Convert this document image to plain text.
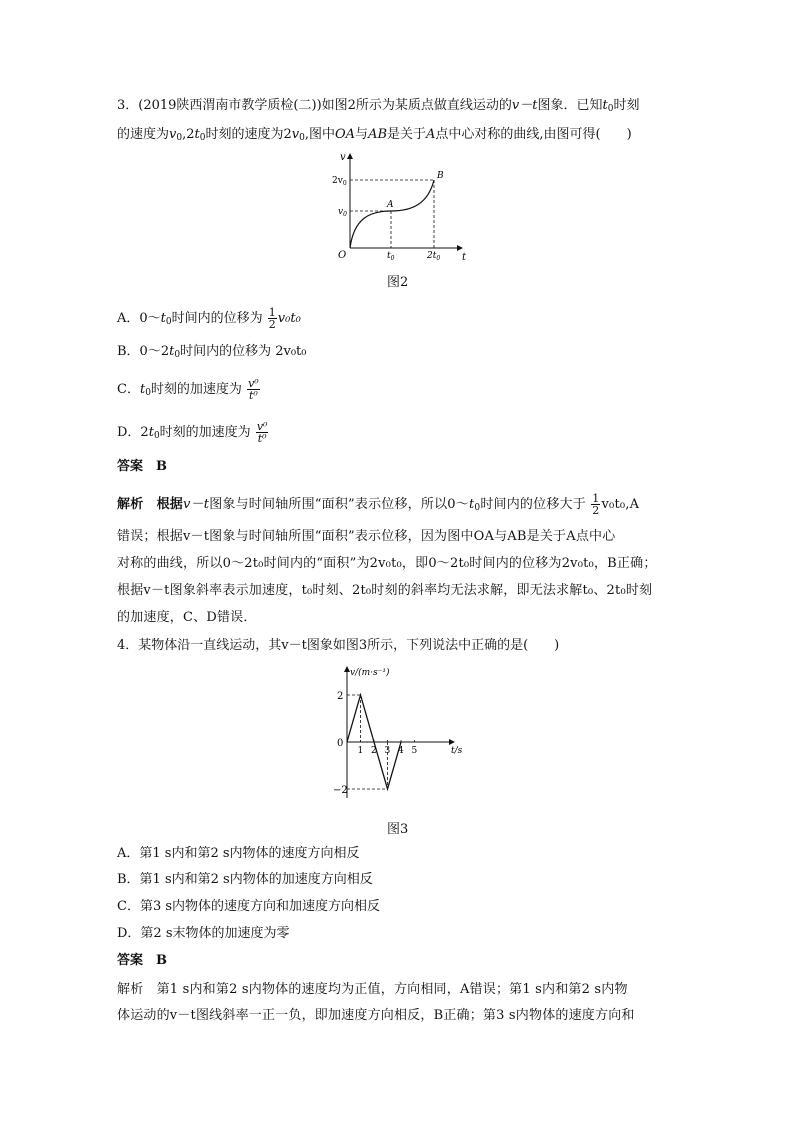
3．(2019陕西渭南市教学质检(二))如图2所示为某质点做直线运动的v－t图象．已知$t_0$时刻
的速度为$v_0,2t_0$时刻的速度为$2v_0$,图中OA与AB是关于A点中心对称的曲线,由图可得(　　)
v
t
O
$2v_0$
$v_0$
$t_0$	$2t_0$
A
B
图2
A．$0\sim t_0$时间内的位移为 $\frac{1}{2} v_0t_0$
B．$0\sim 2t_0$时间内的位移为 2v₀t₀
C．$t_0$时刻的加速度为 $\frac{\text{v⁰}}{\text{t⁰}}$
D．$2t_0$时刻的加速度为 $\frac{\text{v⁰}}{\text{t⁰}}$
答案　B
解析　根据v－t图象与时间轴所围“面积”表示位移，所以$0\sim t_0$时间内的位移大于 $\frac{1}{2} v_0t_0,A$
错误；根据v－t图象与时间轴所围“面积”表示位移，因为图中OA与AB是关于A点中心
对称的曲线，所以0～2t₀时间内的“面积”为2v₀t₀，即0～2t₀时间内的位移为2v₀t₀，B正确；
根据v－t图象斜率表示加速度，t₀时刻、2t₀时刻的斜率均无法求解，即无法求解t₀、2t₀时刻
的加速度，C、D错误．
4．某物体沿一直线运动，其v－t图象如图3所示，下列说法中正确的是(　　)
2
0
−2
1 2 3 4 5	t/s
v/(m·s⁻¹)
图3
A．第1 s内和第2 s内物体的速度方向相反
B．第1 s内和第2 s内物体的加速度方向相反
C．第3 s内物体的速度方向和加速度方向相反
D．第2 s末物体的加速度为零
答案　B
解析　第1 s内和第2 s内物体的速度均为正值，方向相同，A错误；第1 s内和第2 s内物
体运动的v－t图线斜率一正一负，即加速度方向相反，B正确；第3 s内物体的速度方向和
